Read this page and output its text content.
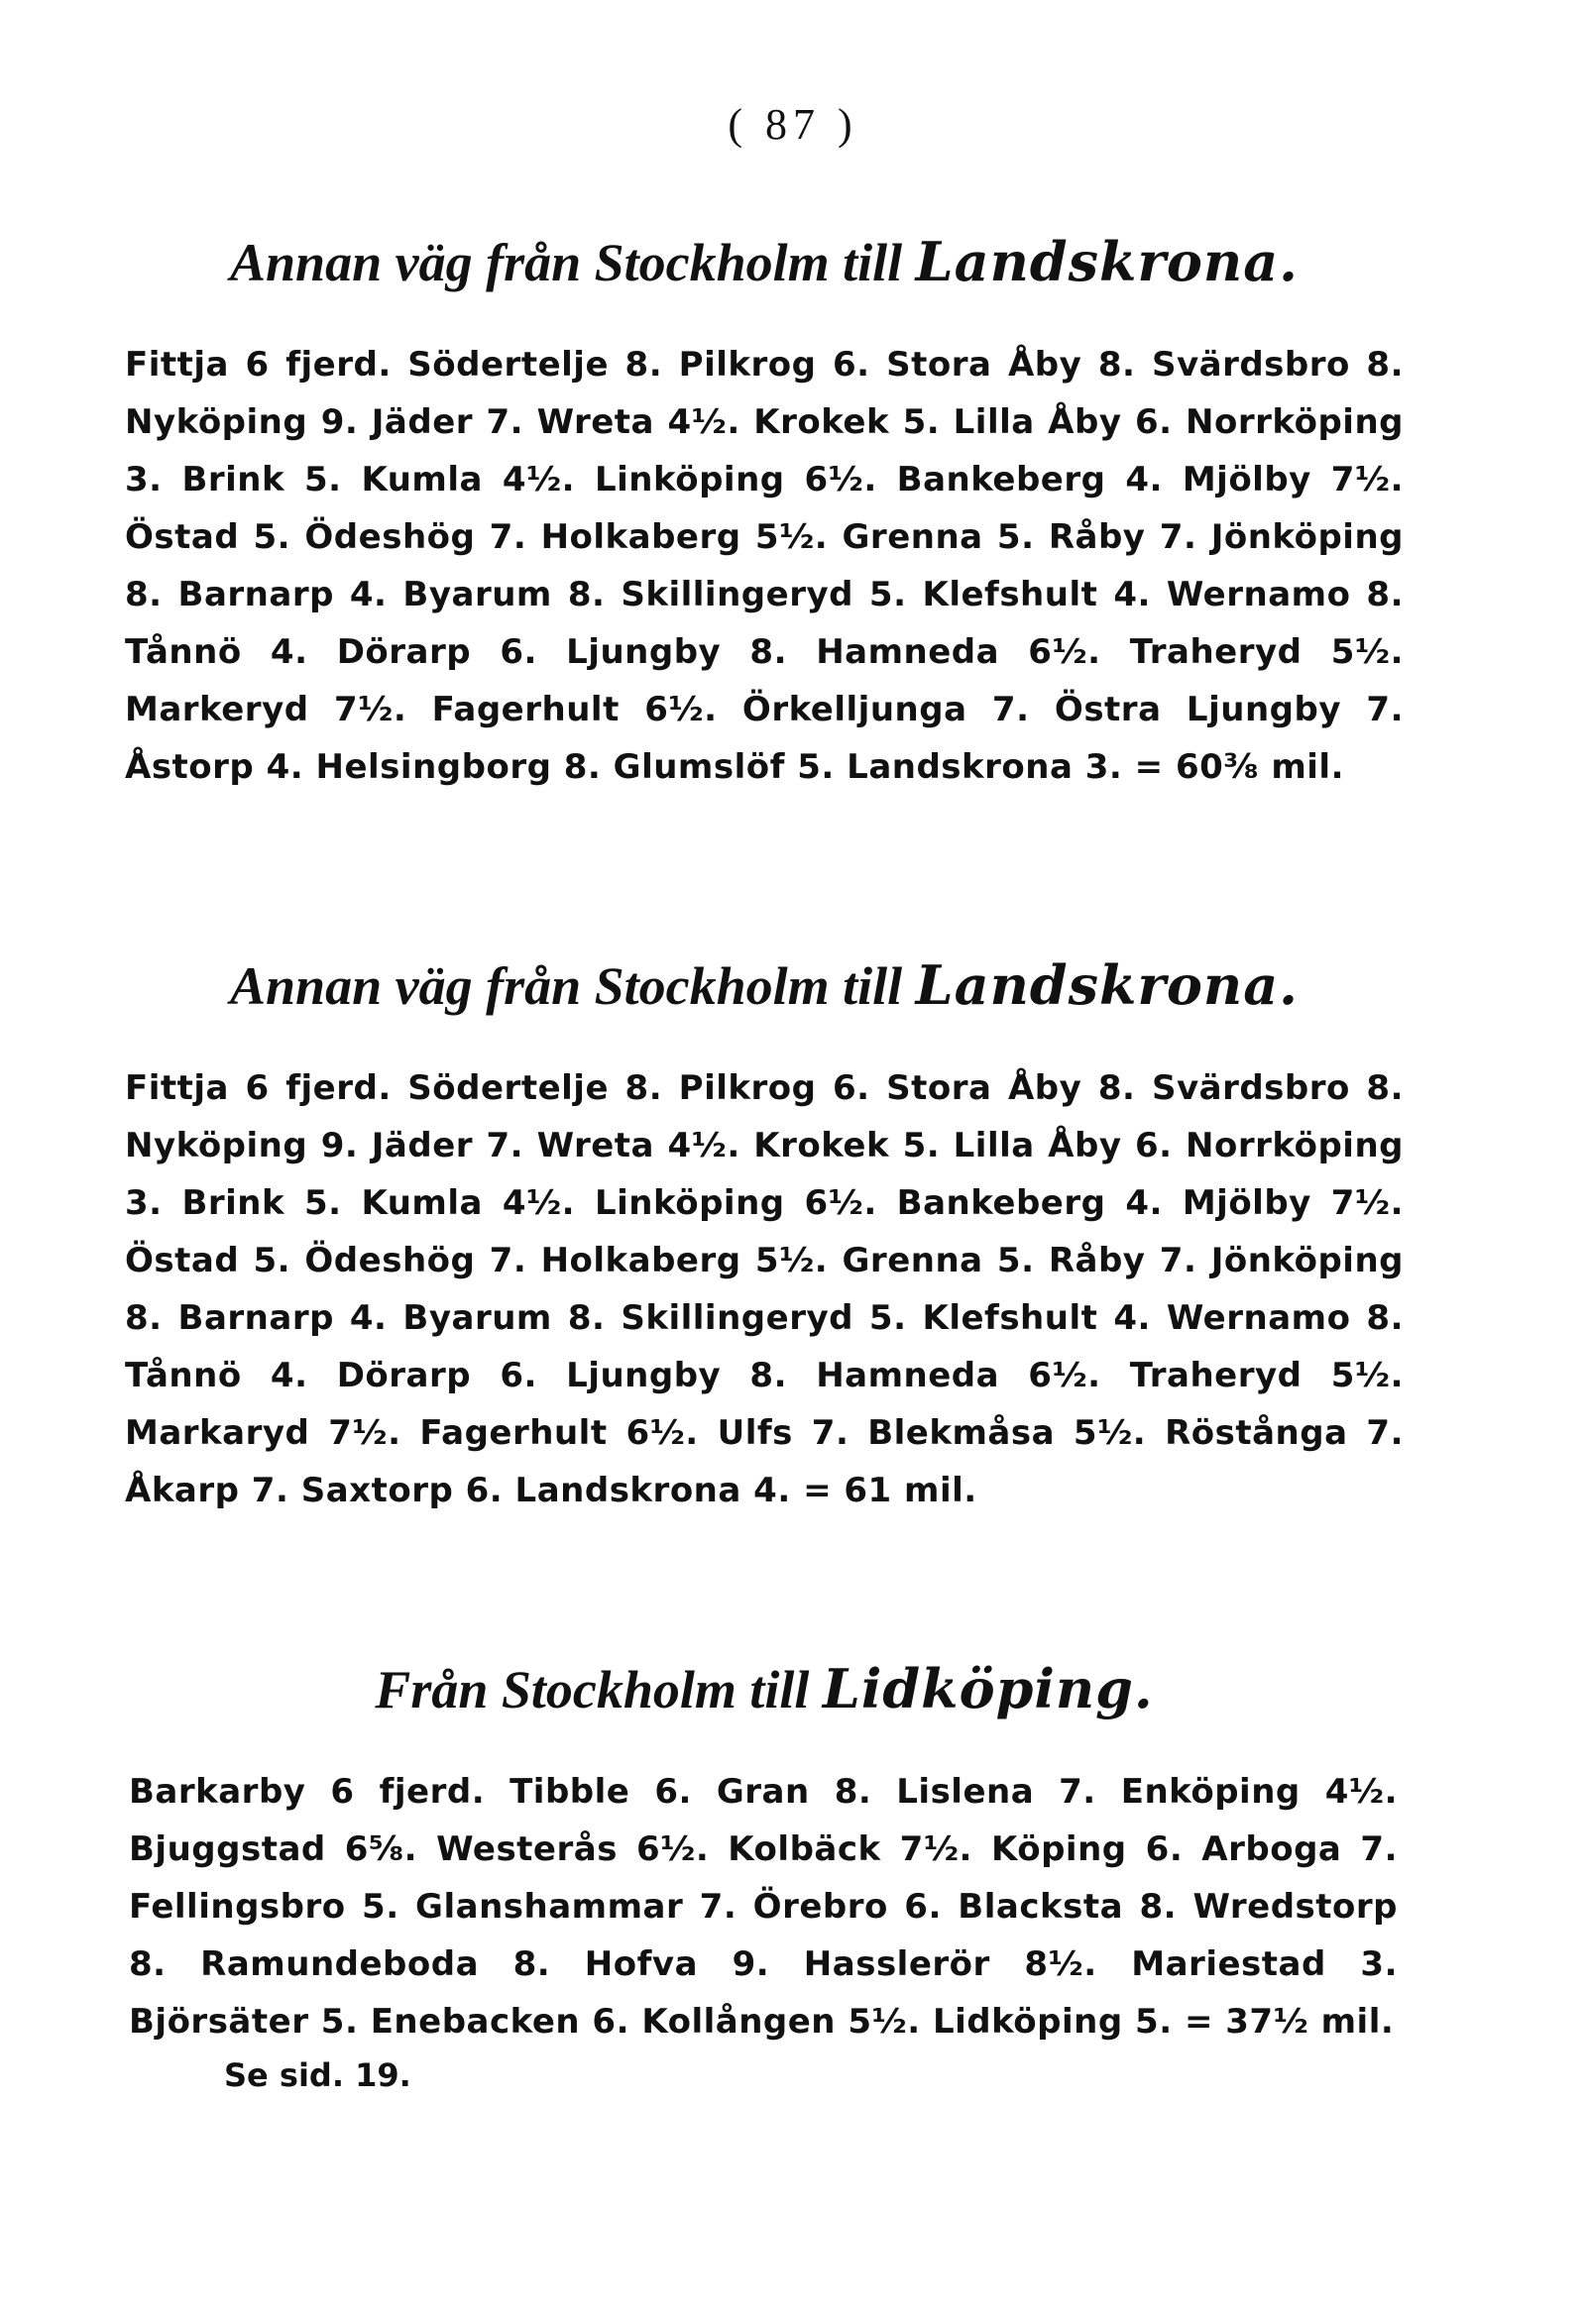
( 87 )
Annan väg från Stockholm till Landskrona.

Fittja 6 fjerd. Södertelje 8. Pilkrog 6. Stora Åby 8. Svärdsbro 8. Nyköping 9. Jäder 7. Wreta 4½. Krokek 5. Lilla Åby 6. Norrköping 3. Brink 5. Kumla 4½. Linköping 6½. Bankeberg 4. Mjölby 7½. Östad 5. Ödeshög 7. Holkaberg 5½. Grenna 5. Råby 7. Jönköping 8. Barnarp 4. Byarum 8. Skillingeryd 5. Klefshult 4. Wernamo 8. Tånnö 4. Dörarp 6. Ljungby 8. Hamneda 6½. Traheryd 5½. Markeryd 7½. Fagerhult 6½. Örkelljunga 7. Östra Ljungby 7. Åstorp 4. Helsingborg 8. Glumslöf 5. Landskrona 3. = 60⅜ mil.

Annan väg från Stockholm till Landskrona.

Fittja 6 fjerd. Södertelje 8. Pilkrog 6. Stora Åby 8. Svärdsbro 8. Nyköping 9. Jäder 7. Wreta 4½. Krokek 5. Lilla Åby 6. Norrköping 3. Brink 5. Kumla 4½. Linköping 6½. Bankeberg 4. Mjölby 7½. Östad 5. Ödeshög 7. Holkaberg 5½. Grenna 5. Råby 7. Jönköping 8. Barnarp 4. Byarum 8. Skillingeryd 5. Klefshult 4. Wernamo 8. Tånnö 4. Dörarp 6. Ljungby 8. Hamneda 6½. Traheryd 5½. Markaryd 7½. Fagerhult 6½. Ulfs 7. Blekmåsa 5½. Röstånga 7. Åkarp 7. Saxtorp 6. Landskrona 4. = 61 mil.

Från Stockholm till Lidköping.

Barkarby 6 fjerd. Tibble 6. Gran 8. Lislena 7. Enköping 4½. Bjuggstad 6⅝. Westerås 6½. Kolbäck 7½. Köping 6. Arboga 7. Fellingsbro 5. Glanshammar 7. Örebro 6. Blacksta 8. Wredstorp 8. Ramundeboda 8. Hofva 9. Hasslerör 8½. Mariestad 3. Björsäter 5. Enebacken 6. Kollången 5½. Lidköping 5. = 37½ mil.

Se sid. 19.
